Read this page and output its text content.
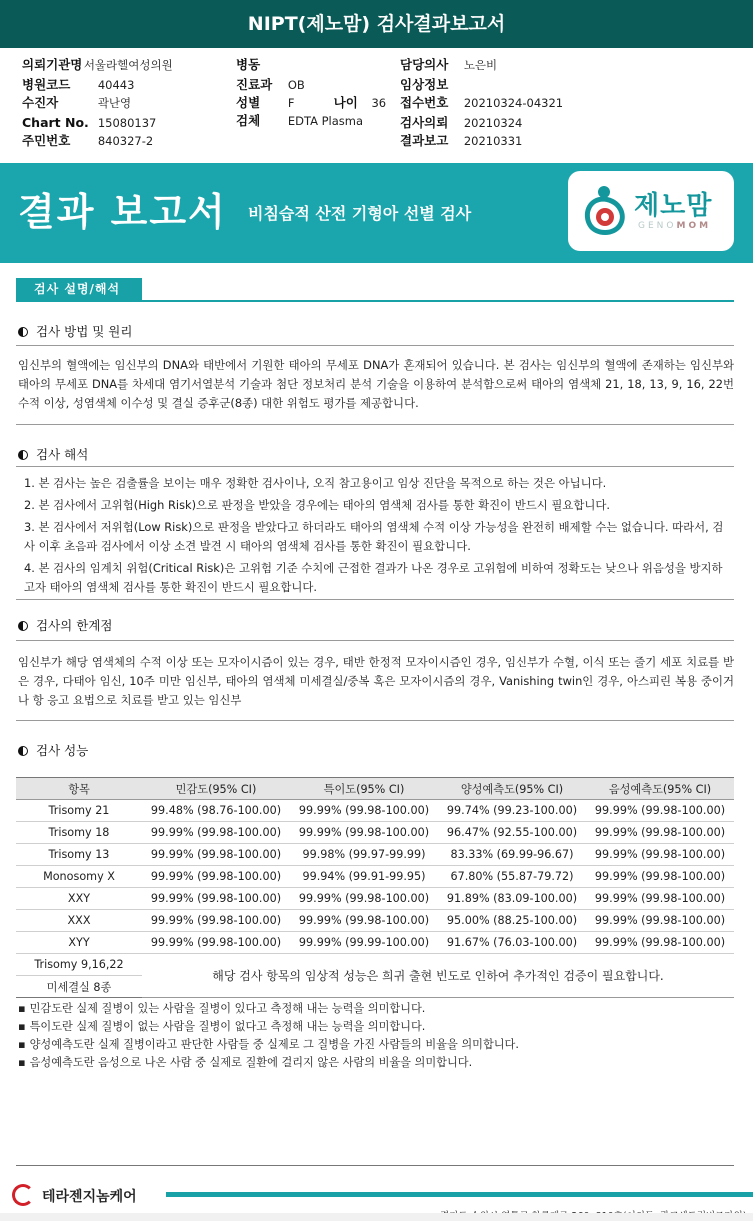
NIPT(제노맘) 검사결과보고서
의뢰기관명 서울라헬여성의원
병원코드 40443
수진자	곽난영
Chart No. 15080137
주민번호 840327-2
병동
진료과 OB
성별 F	나이 36
검체 EDTA Plasma
담당의사 노은비
임상정보
접수번호 20210324-04321
검사의뢰 20210324
결과보고 20210331
결과 보고서 비침습적 산전 기형아 선별 검사	제노맘
GENOMOM
검사 설명/해석
검사 방법 및 원리
임신부의 혈액에는 임신부의 DNA와 태반에서 기원한 태아의 무세포 DNA가 혼재되어 있습니다. 본 검사는 임신부의 혈액에 존재하는 임신부와 태아의 무세포 DNA를 차세대 염기서열분석 기술과 첨단 정보처리 분석 기술을 이용하여 분석함으로써 태아의 염색체 21, 18, 13, 9, 16, 22번 수적 이상, 성염색체 이수성 및 결실 증후군(8종) 대한 위험도 평가를 제공합니다.
검사 해석
1. 본 검사는 높은 검출률을 보이는 매우 정확한 검사이나, 오직 참고용이고 임상 진단을 목적으로 하는 것은 아닙니다.
2. 본 검사에서 고위험(High Risk)으로 판정을 받았을 경우에는 태아의 염색체 검사를 통한 확진이 반드시 필요합니다.
3. 본 검사에서 저위험(Low Risk)으로 판정을 받았다고 하더라도 태아의 염색체 수적 이상 가능성을 완전히 배제할 수는 없습니다. 따라서, 검사 이후 초음파 검사에서 이상 소견 발견 시 태아의 염색체 검사를 통한 확진이 필요합니다.
4. 본 검사의 임계치 위험(Critical Risk)은 고위험 기준 수치에 근접한 결과가 나온 경우로 고위험에 비하여 정확도는 낮으나 위음성을 방지하고자 태아의 염색체 검사를 통한 확진이 반드시 필요합니다.
검사의 한계점
임신부가 해당 염색체의 수적 이상 또는 모자이시즘이 있는 경우, 태반 한정적 모자이시즘인 경우, 임신부가 수혈, 이식 또는 줄기 세포 치료를 받은 경우, 다태아 임신, 10주 미만 임신부, 태아의 염색체 미세결실/중복 혹은 모자이시즘의 경우, Vanishing twin인 경우, 아스피린 복용 중이거나 항 응고 요법으로 치료를 받고 있는 임신부
검사 성능
항목	민감도(95% CI)	특이도(95% CI)	양성예측도(95% CI)	음성예측도(95% CI)
Trisomy 21	99.48% (98.76-100.00)	99.99% (99.98-100.00)	99.74% (99.23-100.00)	99.99% (99.98-100.00)
Trisomy 18	99.99% (99.98-100.00)	99.99% (99.98-100.00)	96.47% (92.55-100.00)	99.99% (99.98-100.00)
Trisomy 13	99.99% (99.98-100.00)	99.98% (99.97-99.99)	83.33% (69.99-96.67)	99.99% (99.98-100.00)
Monosomy X	99.99% (99.98-100.00)	99.94% (99.91-99.95)	67.80% (55.87-79.72)	99.99% (99.98-100.00)
XXY	99.99% (99.98-100.00)	99.99% (99.98-100.00)	91.89% (83.09-100.00)	99.99% (99.98-100.00)
XXX	99.99% (99.98-100.00)	99.99% (99.98-100.00)	95.00% (88.25-100.00)	99.99% (99.98-100.00)
XYY	99.99% (99.98-100.00)	99.99% (99.99-100.00)	91.67% (76.03-100.00)	99.99% (99.98-100.00)
Trisomy 9,16,22	해당 검사 항목의 임상적 성능은 희귀 출현 빈도로 인하여 추가적인 검증이 필요합니다.			
미세결실 8종				
▪ 민감도란 실제 질병이 있는 사람을 질병이 있다고 측정해 내는 능력을 의미합니다.
▪ 특이도란 실제 질병이 없는 사람을 질병이 없다고 측정해 내는 능력을 의미합니다.
▪ 양성예측도란 실제 질병이라고 판단한 사람들 중 실제로 그 질병을 가진 사람들의 비율을 의미합니다.
▪ 음성예측도란 음성으로 나온 사람 중 실제로 질환에 걸리지 않은 사람의 비율을 의미합니다.
테라젠지놈케어
